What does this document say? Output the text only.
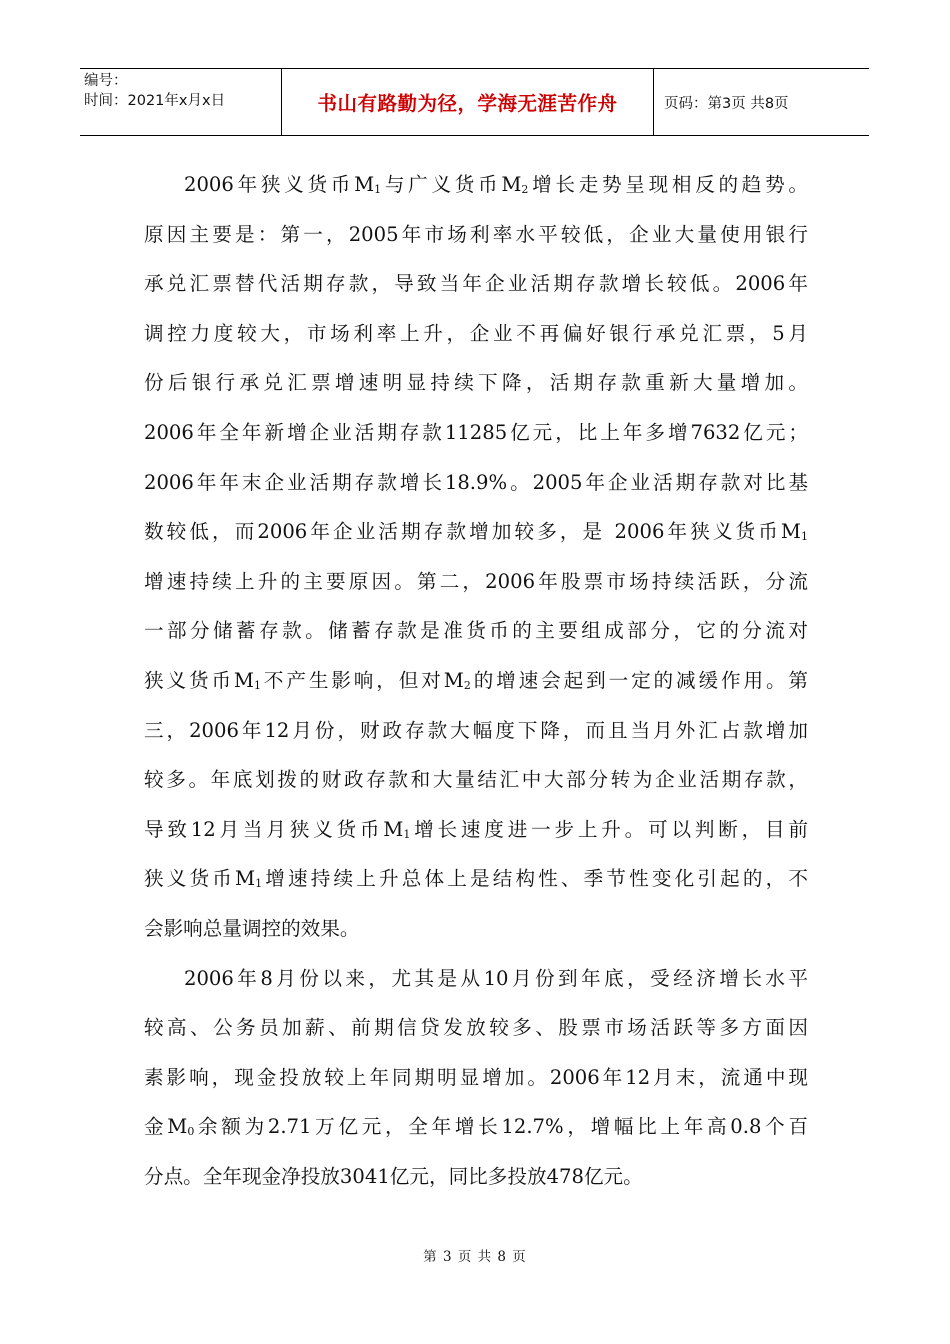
编号：
时间：2021年x月x日	书山有路勤为径，学海无涯苦作舟	页码：第3页 共8页

2006年狭义货币$M_1$与广义货币$M_2$增长走势呈现相反的趋势。
原因主要是：第一，2005年市场利率水平较低，企业大量使用银行
承兑汇票替代活期存款，导致当年企业活期存款增长较低。2006年
调控力度较大，市场利率上升，企业不再偏好银行承兑汇票，5月
份后银行承兑汇票增速明显持续下降，活期存款重新大量增加。
2006年全年新增企业活期存款11285亿元，比上年多增7632亿元；
2006年年末企业活期存款增长18.9%。2005年企业活期存款对比基
数较低，而2006年企业活期存款增加较多，是 2006年狭义货币$M_1$
增速持续上升的主要原因。第二，2006年股票市场持续活跃，分流
一部分储蓄存款。储蓄存款是准货币的主要组成部分，它的分流对
狭义货币$M_1$不产生影响，但对$M_2$的增速会起到一定的减缓作用。第
三，2006年12月份，财政存款大幅度下降，而且当月外汇占款增加
较多。年底划拨的财政存款和大量结汇中大部分转为企业活期存款，
导致12月当月狭义货币$M_1$增长速度进一步上升。可以判断，目前
狭义货币$M_1$增速持续上升总体上是结构性、季节性变化引起的，不
会影响总量调控的效果。

2006年8月份以来，尤其是从10月份到年底，受经济增长水平
较高、公务员加薪、前期信贷发放较多、股票市场活跃等多方面因
素影响，现金投放较上年同期明显增加。2006年12月末，流通中现
金$M_0$余额为2.71万亿元，全年增长12.7%，增幅比上年高0.8个百
分点。全年现金净投放3041亿元，同比多投放478亿元。

第 3 页 共 8 页
